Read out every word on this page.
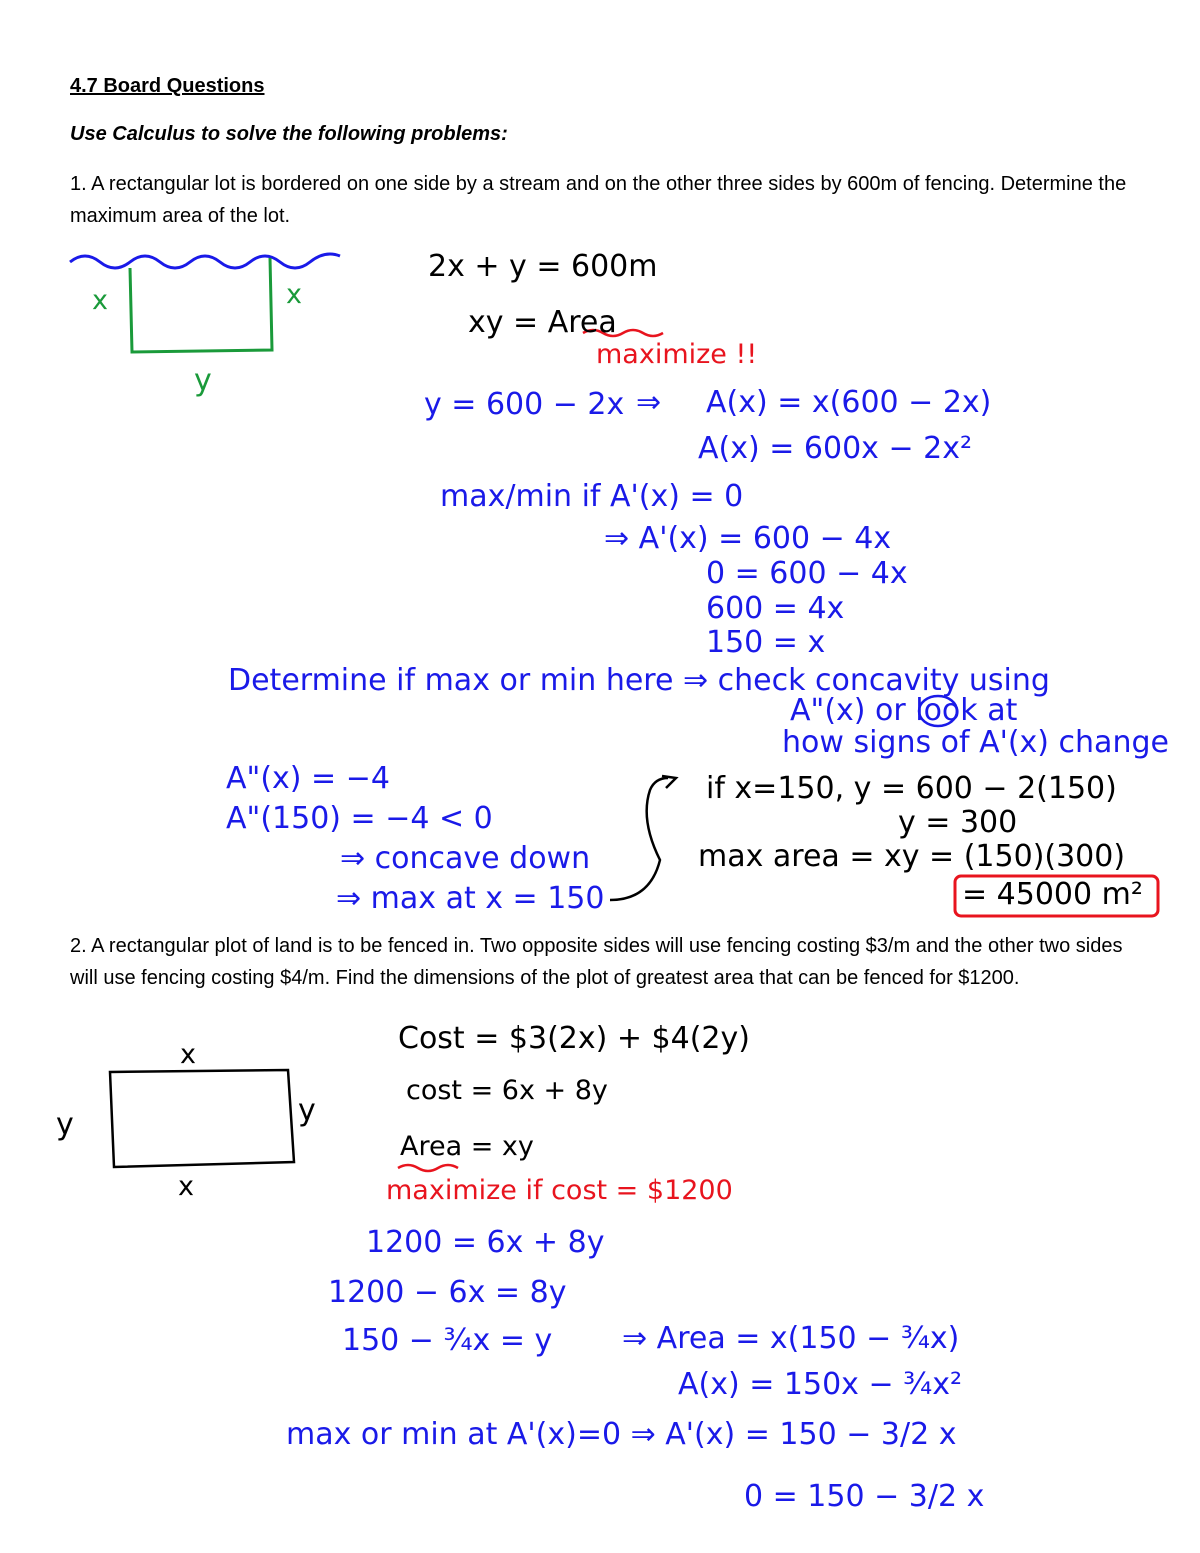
4.7 Board Questions
Use Calculus to solve the following problems:
1. A rectangular lot is bordered on one side by a stream and on the other three sides by 600m of fencing. Determine the maximum area of the lot.
x	x
y
2x + y = 600m
xy = Area
maximize !!
y = 600 − 2x ⇒ A(x) = x(600 − 2x)
A(x) = 600x − 2x²
max/min if A'(x) = 0
⇒ A'(x) = 600 − 4x
0 = 600 − 4x
600 = 4x
150 = x
Determine if max or min here ⇒ check concavity using
A"(x) or look at
how signs of A'(x) change
A"(x) = −4
A"(150) = −4 < 0
⇒ concave down
⇒ max at x = 150
if x=150, y = 600 − 2(150)
y = 300
max area = xy = (150)(300)
= 45000 m²
2. A rectangular plot of land is to be fenced in. Two opposite sides will use fencing costing $3/m and the other two sides will use fencing costing $4/m. Find the dimensions of the plot of greatest area that can be fenced for $1200.
x
x
y	y
Cost = $3(2x) + $4(2y)
cost = 6x + 8y
Area = xy
maximize if cost = $1200
1200 = 6x + 8y
1200 − 6x = 8y
150 − ¾x = y ⇒ Area = x(150 − ¾x)
A(x) = 150x − ¾x²
max or min at A'(x)=0 ⇒ A'(x) = 150 − 3/2 x
0 = 150 − 3/2 x
